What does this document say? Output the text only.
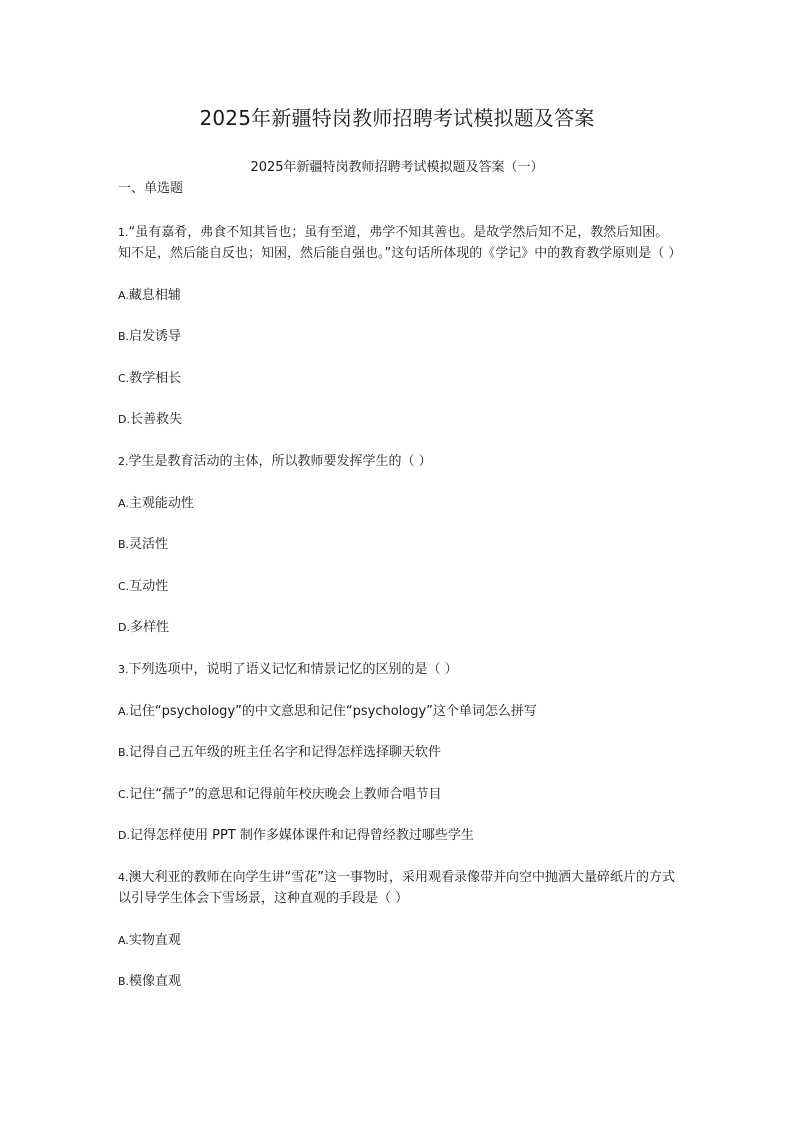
2025年新疆特岗教师招聘考试模拟题及答案
2025年新疆特岗教师招聘考试模拟题及答案（一）
一、单选题
1.“虽有嘉肴，弗食不知其旨也；虽有至道，弗学不知其善也。是故学然后知不足，教然后知困。知不足，然后能自反也；知困，然后能自强也。”这句话所体现的《学记》中的教育教学原则是（ ）
A.藏息相辅
B.启发诱导
C.教学相长
D.长善救失
2.学生是教育活动的主体，所以教师要发挥学生的（ ）
A.主观能动性
B.灵活性
C.互动性
D.多样性
3.下列选项中，说明了语义记忆和情景记忆的区别的是（ ）
A.记住“psychology”的中文意思和记住“psychology”这个单词怎么拼写
B.记得自己五年级的班主任名字和记得怎样选择聊天软件
C.记住“孺子”的意思和记得前年校庆晚会上教师合唱节目
D.记得怎样使用 PPT 制作多媒体课件和记得曾经教过哪些学生
4.澳大利亚的教师在向学生讲“雪花”这一事物时，采用观看录像带并向空中抛洒大量碎纸片的方式以引导学生体会下雪场景，这种直观的手段是（ ）
A.实物直观
B.模像直观
